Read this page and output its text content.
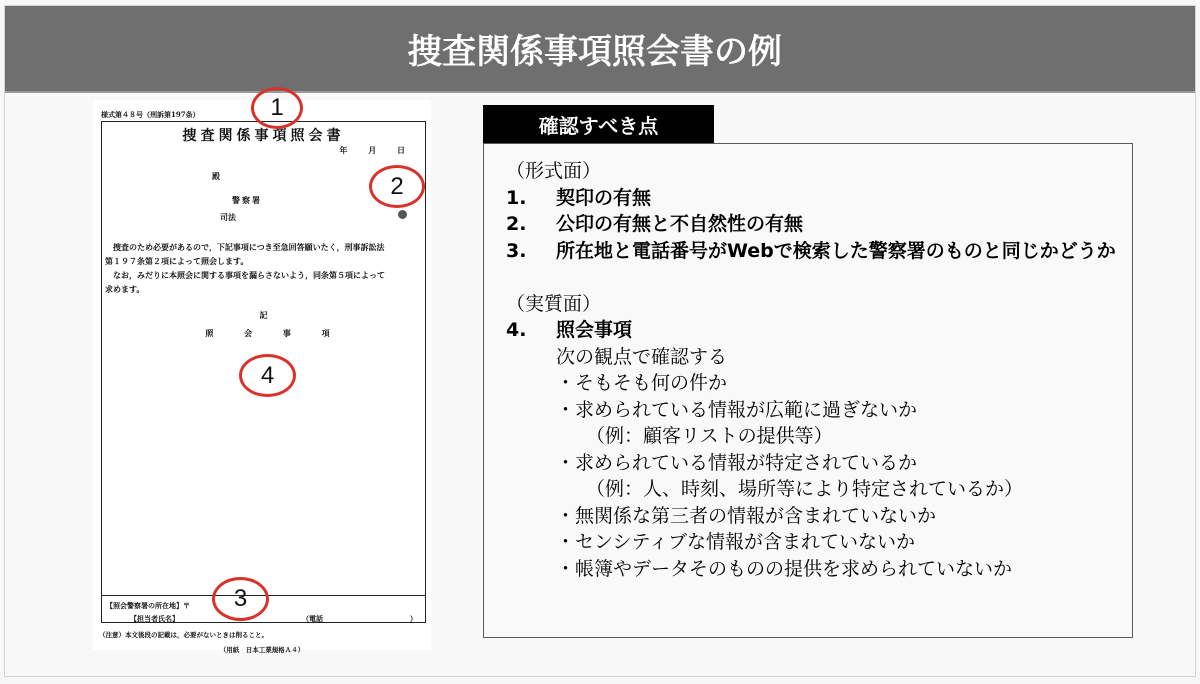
捜査関係事項照会書の例
様式第４８号（刑訴第197条）
捜査関係事項照会書
年 月 日
殿
警察署
司法

捜査のため必要があるので，下記事項につき至急回答願いたく，刑事訴訟法

第１９７条第２項によって照会します。

なお，みだりに本照会に関する事項を漏らさないよう，同条第５項によって

求めます。

記
照 会 事 項
【照会警察署の所在地】〒
【担当者氏名】	（電話	）
（注意）本文後段の記載は，必要がないときは削ること。
（用紙　日本工業規格Ａ４）
1
2
3
4
確認すべき点
（形式面）
1.	契印の有無
2.	公印の有無と不自然性の有無
3.	所在地と電話番号がWebで検索した警察署のものと同じかどうか
（実質面）
4.	照会事項
次の観点で確認する
・そもそも何の件か
・求められている情報が広範に過ぎないか
（例：顧客リストの提供等）
・求められている情報が特定されているか
（例：人、時刻、場所等により特定されているか）
・無関係な第三者の情報が含まれていないか
・センシティブな情報が含まれていないか
・帳簿やデータそのものの提供を求められていないか
